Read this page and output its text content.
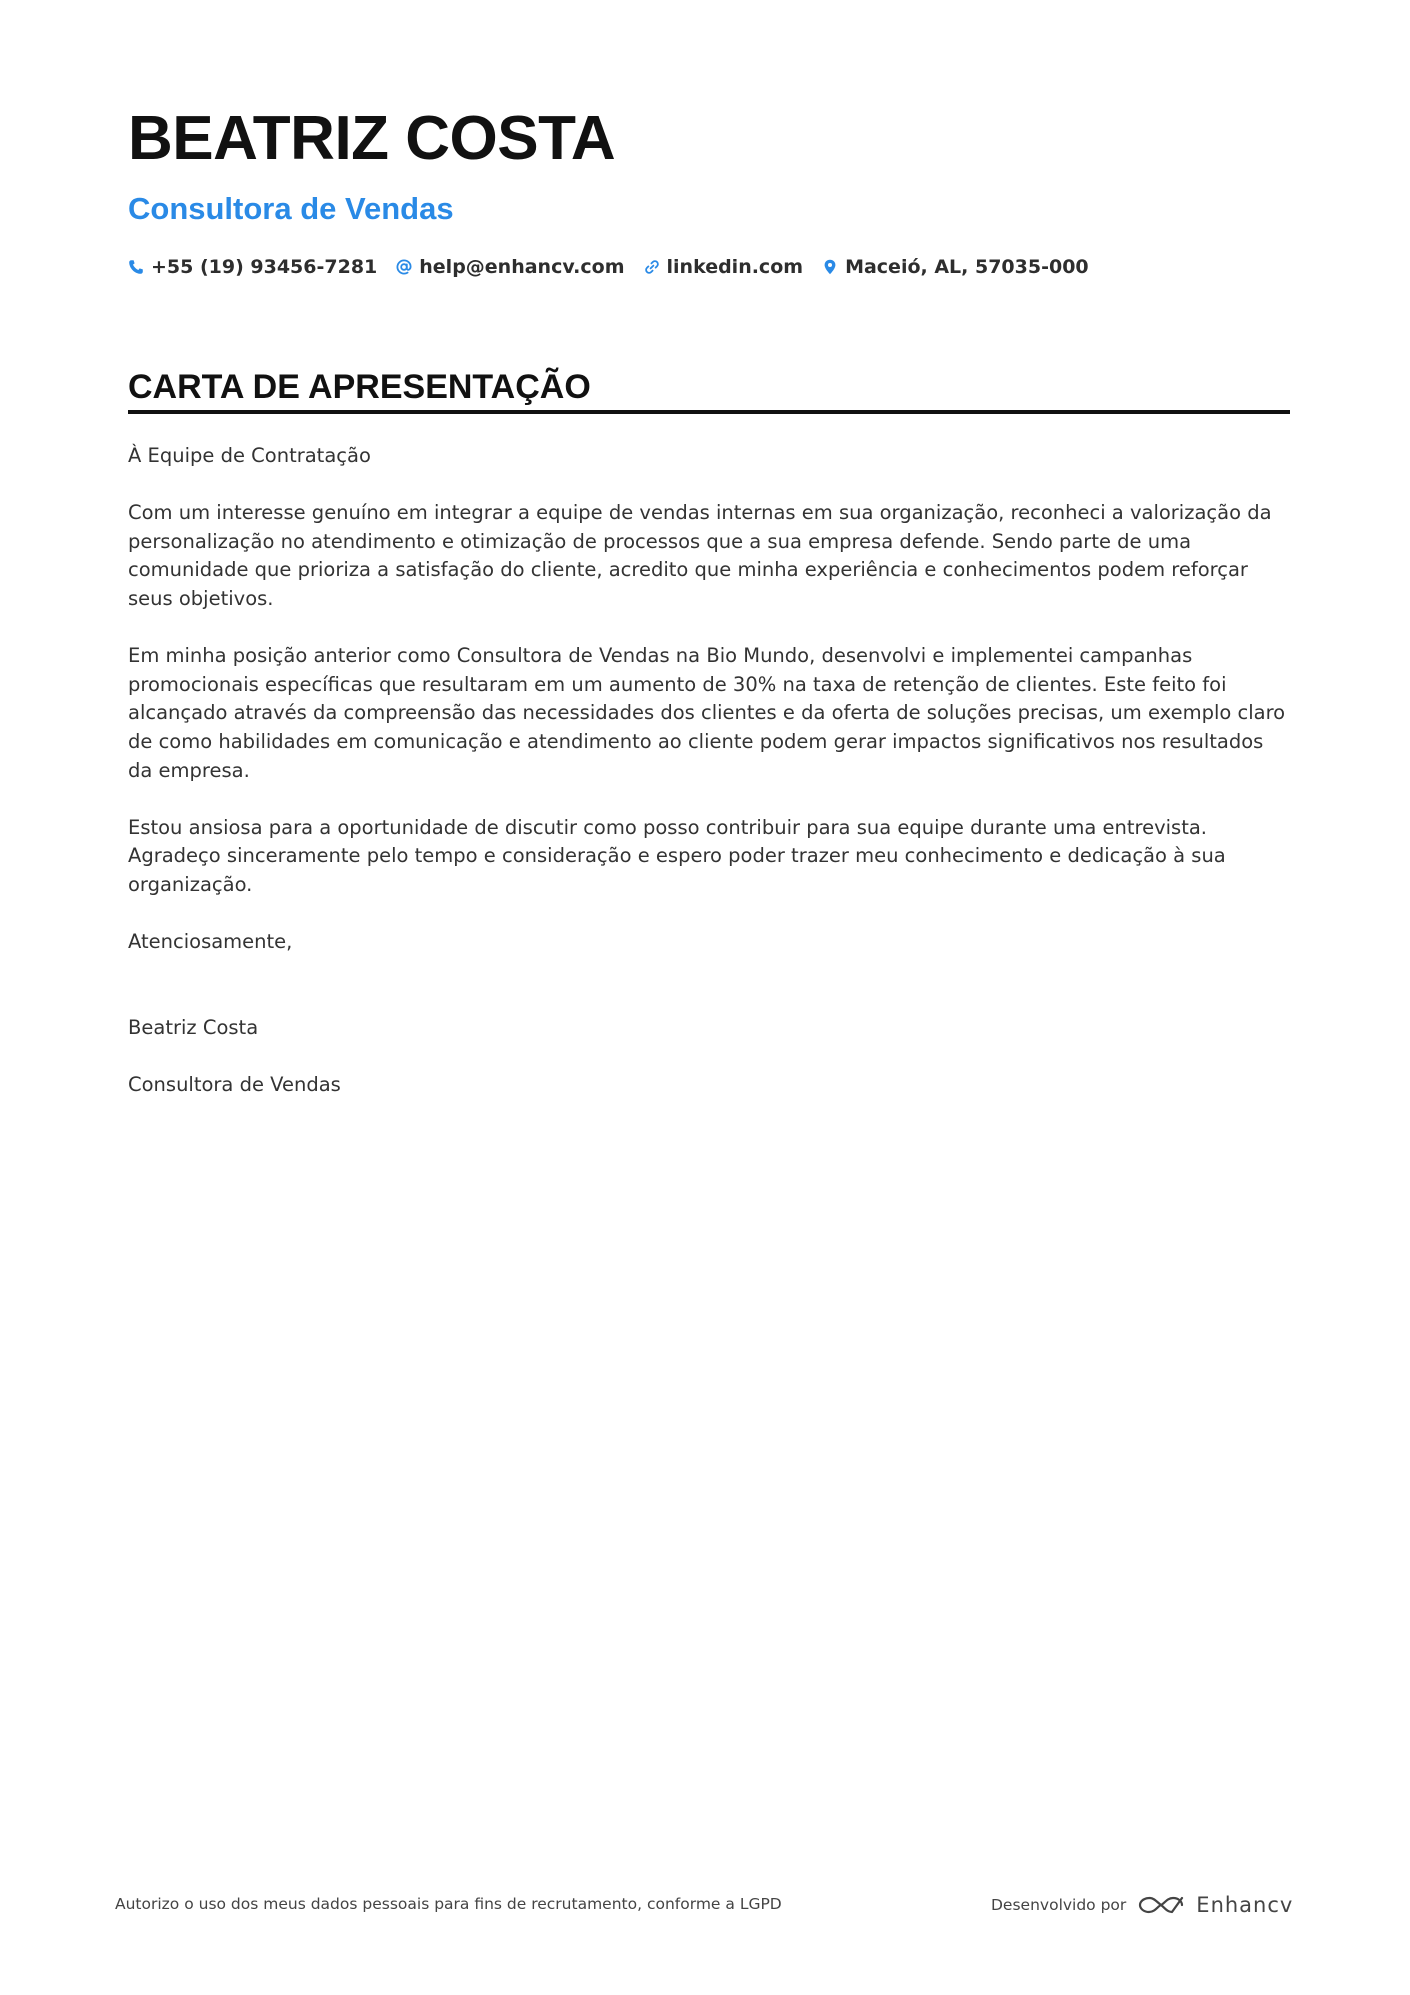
BEATRIZ COSTA
Consultora de Vendas
+55 (19) 93456-7281 help@enhancv.com linkedin.com Maceió, AL, 57035-000
CARTA DE APRESENTAÇÃO

À Equipe de Contratação

Com um interesse genuíno em integrar a equipe de vendas internas em sua organização, reconheci a valorização da personalização no atendimento e otimização de processos que a sua empresa defende. Sendo parte de uma comunidade que prioriza a satisfação do cliente, acredito que minha experiência e conhecimentos podem reforçar seus objetivos.

Em minha posição anterior como Consultora de Vendas na Bio Mundo, desenvolvi e implementei campanhas promocionais específicas que resultaram em um aumento de 30% na taxa de retenção de clientes. Este feito foi alcançado através da compreensão das necessidades dos clientes e da oferta de soluções precisas, um exemplo claro de como habilidades em comunicação e atendimento ao cliente podem gerar impactos significativos nos resultados da empresa.

Estou ansiosa para a oportunidade de discutir como posso contribuir para sua equipe durante uma entrevista. Agradeço sinceramente pelo tempo e consideração e espero poder trazer meu conhecimento e dedicação à sua organização.

Atenciosamente,

Beatriz Costa

Consultora de Vendas

Autorizo o uso dos meus dados pessoais para fins de recrutamento, conforme a LGPD	Desenvolvido por	Enhancv
